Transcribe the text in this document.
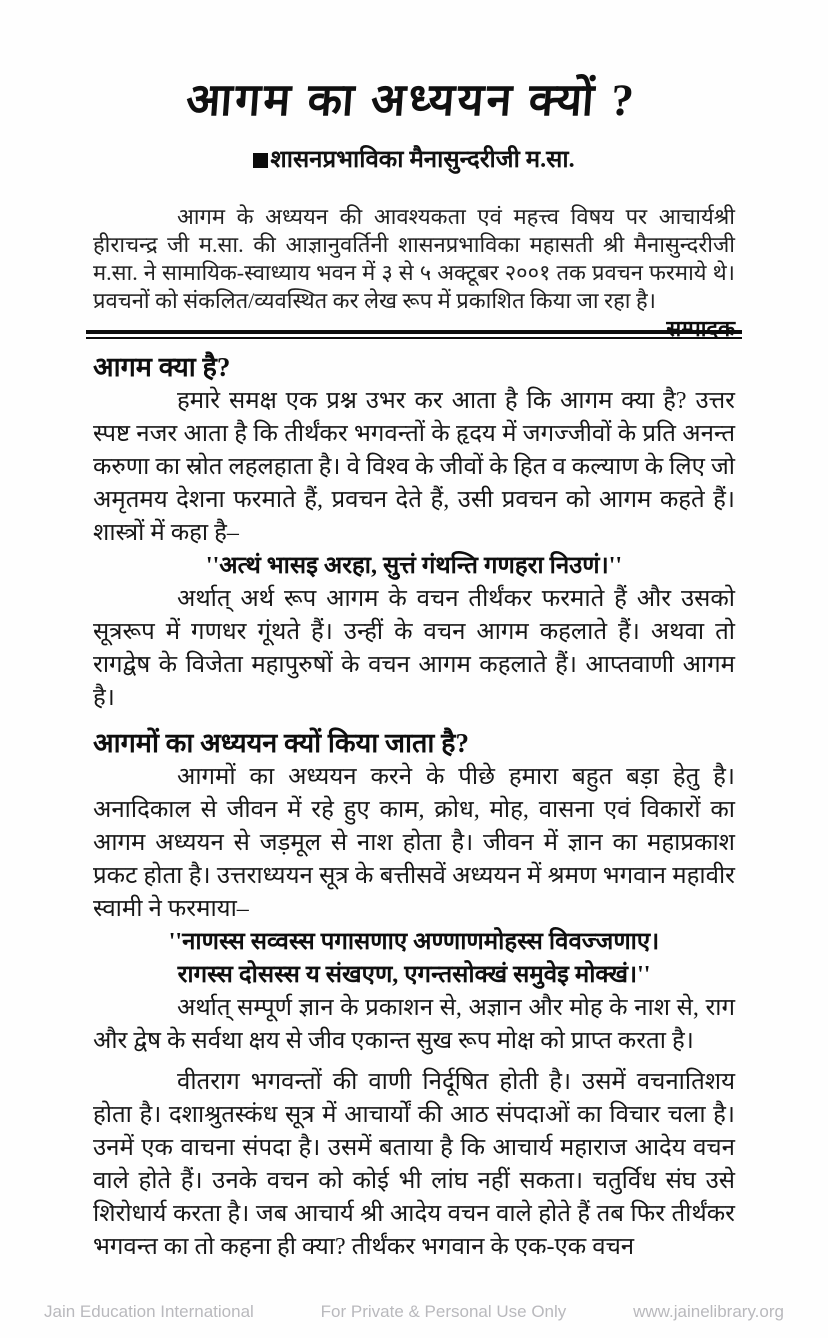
आगम का अध्ययन क्यों ?
शासनप्रभाविका मैनासुन्दरीजी म.सा.

आगम के अध्ययन की आवश्यकता एवं महत्त्व विषय पर आचार्यश्री हीराचन्द्र जी म.सा. की आज्ञानुवर्तिनी शासनप्रभाविका महासती श्री मैनासुन्दरीजी म.सा. ने सामायिक-स्वाध्याय भवन में ३ से ५ अक्टूबर २००१ तक प्रवचन फरमाये थे। प्रवचनों को संकलित/व्यवस्थित कर लेख रूप में प्रकाशित किया जा रहा है।
—सम्पादक

आगम क्या है?

हमारे समक्ष एक प्रश्न उभर कर आता है कि आगम क्या है? उत्तर स्पष्ट नजर आता है कि तीर्थंकर भगवन्तों के हृदय में जगज्जीवों के प्रति अनन्त करुणा का स्रोत लहलहाता है। वे विश्व के जीवों के हित व कल्याण के लिए जो अमृतमय देशना फरमाते हैं, प्रवचन देते हैं, उसी प्रवचन को आगम कहते हैं। शास्त्रों में कहा है–

''अत्थं भासइ अरहा, सुत्तं गंथन्ति गणहरा निउणं।''

अर्थात् अर्थ रूप आगम के वचन तीर्थंकर फरमाते हैं और उसको सूत्ररूप में गणधर गूंथते हैं। उन्हीं के वचन आगम कहलाते हैं। अथवा तो रागद्वेष के विजेता महापुरुषों के वचन आगम कहलाते हैं। आप्तवाणी आगम है।

आगमों का अध्ययन क्यों किया जाता है?

आगमों का अध्ययन करने के पीछे हमारा बहुत बड़ा हेतु है। अनादिकाल से जीवन में रहे हुए काम, क्रोध, मोह, वासना एवं विकारों का आगम अध्ययन से जड़मूल से नाश होता है। जीवन में ज्ञान का महाप्रकाश प्रकट होता है। उत्तराध्ययन सूत्र के बत्तीसवें अध्ययन में श्रमण भगवान महावीर स्वामी ने फरमाया–

''नाणस्स सव्वस्स पगासणाए अण्णाणमोहस्स विवज्जणाए।

रागस्स दोसस्स य संखएण, एगन्तसोक्खं समुवेइ मोक्खं।''

अर्थात् सम्पूर्ण ज्ञान के प्रकाशन से, अज्ञान और मोह के नाश से, राग और द्वेष के सर्वथा क्षय से जीव एकान्त सुख रूप मोक्ष को प्राप्त करता है।

वीतराग भगवन्तों की वाणी निर्दूषित होती है। उसमें वचनातिशय होता है। दशाश्रुतस्कंध सूत्र में आचार्यों की आठ संपदाओं का विचार चला है। उनमें एक वाचना संपदा है। उसमें बताया है कि आचार्य महाराज आदेय वचन वाले होते हैं। उनके वचन को कोई भी लांघ नहीं सकता। चतुर्विध संघ उसे शिरोधार्य करता है। जब आचार्य श्री आदेय वचन वाले होते हैं तब फिर तीर्थंकर भगवन्त का तो कहना ही क्या? तीर्थंकर भगवान के एक-एक वचन

Jain Education International	For Private & Personal Use Only	www.jainelibrary.org
